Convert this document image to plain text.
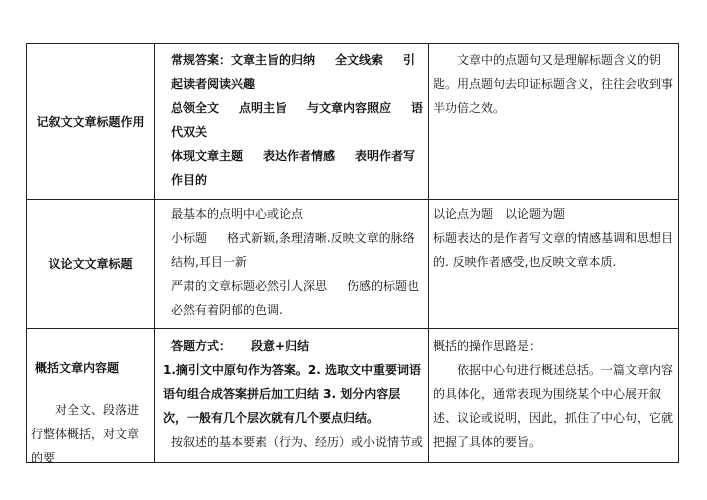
记叙文文章标题作用
常规答案：文章主旨的归纳 全文线索 引起读者阅读兴趣
总领全文 点明主旨 与文章内容照应 语代双关
体现文章主题 表达作者情感 表明作者写作目的
文章中的点题句又是理解标题含义的钥匙。用点题句去印证标题含义，往往会收到事半功倍之效。
议论文文章标题
最基本的点明中心或论点
小标题 格式新颖,条理清晰.反映文章的脉络结构,耳目一新
严肃的文章标题必然引人深思 伤感的标题也必然有着阴郁的色调.
以论点为题 以论题为题
标题表达的是作者写文章的情感基调和思想目的. 反映作者感受,也反映文章本质.
概括文章内容题
对全文、段落进行整体概括，对文章的要
答题方式： 段意+归结
1.摘引文中原句作为答案。2. 选取文中重要词语语句组合成答案拼后加工归结 3. 划分内容层次，一般有几个层次就有几个要点归结。
按叙述的基本要素（行为、经历）或小说情节或
概括的操作思路是：
依据中心句进行概述总括。一篇文章内容的具体化，通常表现为围绕某个中心展开叙述、议论或说明，因此，抓住了中心句，它就把握了具体的要旨。
